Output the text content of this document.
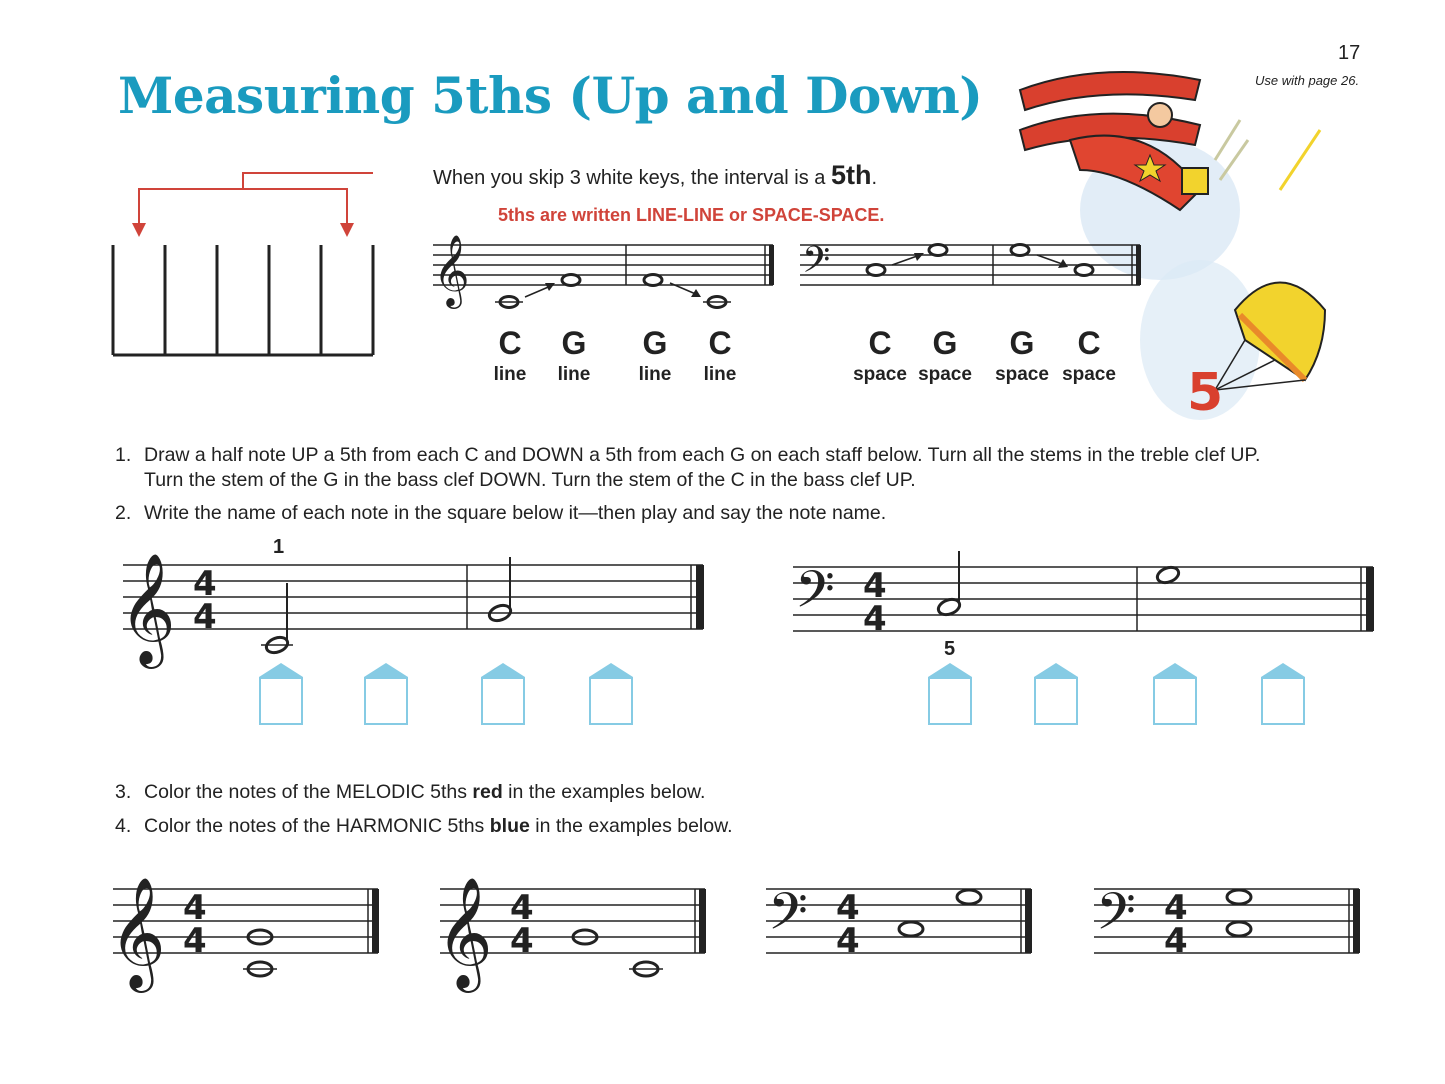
17
Use with page 26.
Measuring 5ths (Up and Down)
5
When you skip 3 white keys, the interval is a 5th.
5ths are written LINE-LINE or SPACE-SPACE.
𝄞	𝄢
C	G	G	C
line	line	line	line
C	G	G	C
space space	space space
1. Draw a half note UP a 5th from each C and DOWN a 5th from each G on each staff below. Turn all the stems in the treble clef UP.
Turn the stem of the G in the bass clef DOWN. Turn the stem of the C in the bass clef UP.
2. Write the name of each note in the square below it—then play and say the note name.
1
𝄞 4
4	𝄢 4
4
5
3. Color the notes of the MELODIC 5ths red in the examples below.
4. Color the notes of the HARMONIC 5ths blue in the examples below.
𝄞 4
4 𝄞 4
4	𝄢 4
4	𝄢 4
4
